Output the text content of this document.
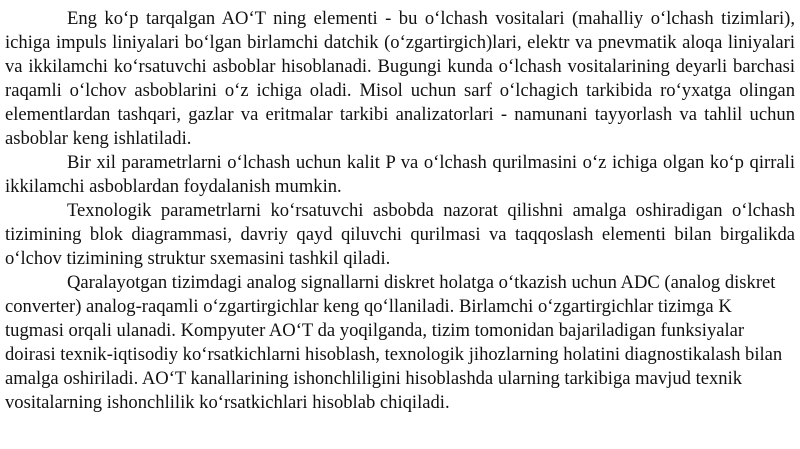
Eng ko‘p tarqalgan AO‘T ning elementi - bu o‘lchash vositalari (mahalliy o‘lchash tizimlari), ichiga impuls liniyalari bo‘lgan birlamchi datchik (o‘zgartirgich)lari, elektr va pnevmatik aloqa liniyalari va ikkilamchi ko‘rsatuvchi asboblar hisoblanadi. Bugungi kunda o‘lchash vositalarining deyarli barchasi raqamli o‘lchov asboblarini o‘z ichiga oladi. Misol uchun sarf o‘lchagich tarkibida ro‘yxatga olingan elementlardan tashqari, gazlar va eritmalar tarkibi analizatorlari - namunani tayyorlash va tahlil uchun asboblar keng ishlatiladi.

Bir xil parametrlarni o‘lchash uchun kalit P va o‘lchash qurilmasini o‘z ichiga olgan ko‘p qirrali ikkilamchi asboblardan foydalanish mumkin.

Texnologik parametrlarni ko‘rsatuvchi asbobda nazorat qilishni amalga oshiradigan o‘lchash tizimining blok diagrammasi, davriy qayd qiluvchi qurilmasi va taqqoslash elementi bilan birgalikda o‘lchov tizimining struktur sxemasini tashkil qiladi.

Qaralayotgan tizimdagi analog signallarni diskret holatga o‘tkazish uchun ADC (analog diskret converter) analog-raqamli o‘zgartirgichlar keng qo‘llaniladi. Birlamchi o‘zgartirgichlar tizimga K tugmasi orqali ulanadi. Kompyuter AO‘T da yoqilganda, tizim tomonidan bajariladigan funksiyalar doirasi texnik-iqtisodiy ko‘rsatkichlarni hisoblash, texnologik jihozlarning holatini diagnostikalash bilan amalga oshiriladi. AO‘T kanallarining ishonchliligini hisoblashda ularning tarkibiga mavjud texnik vositalarning ishonchlilik ko‘rsatkichlari hisoblab chiqiladi.
